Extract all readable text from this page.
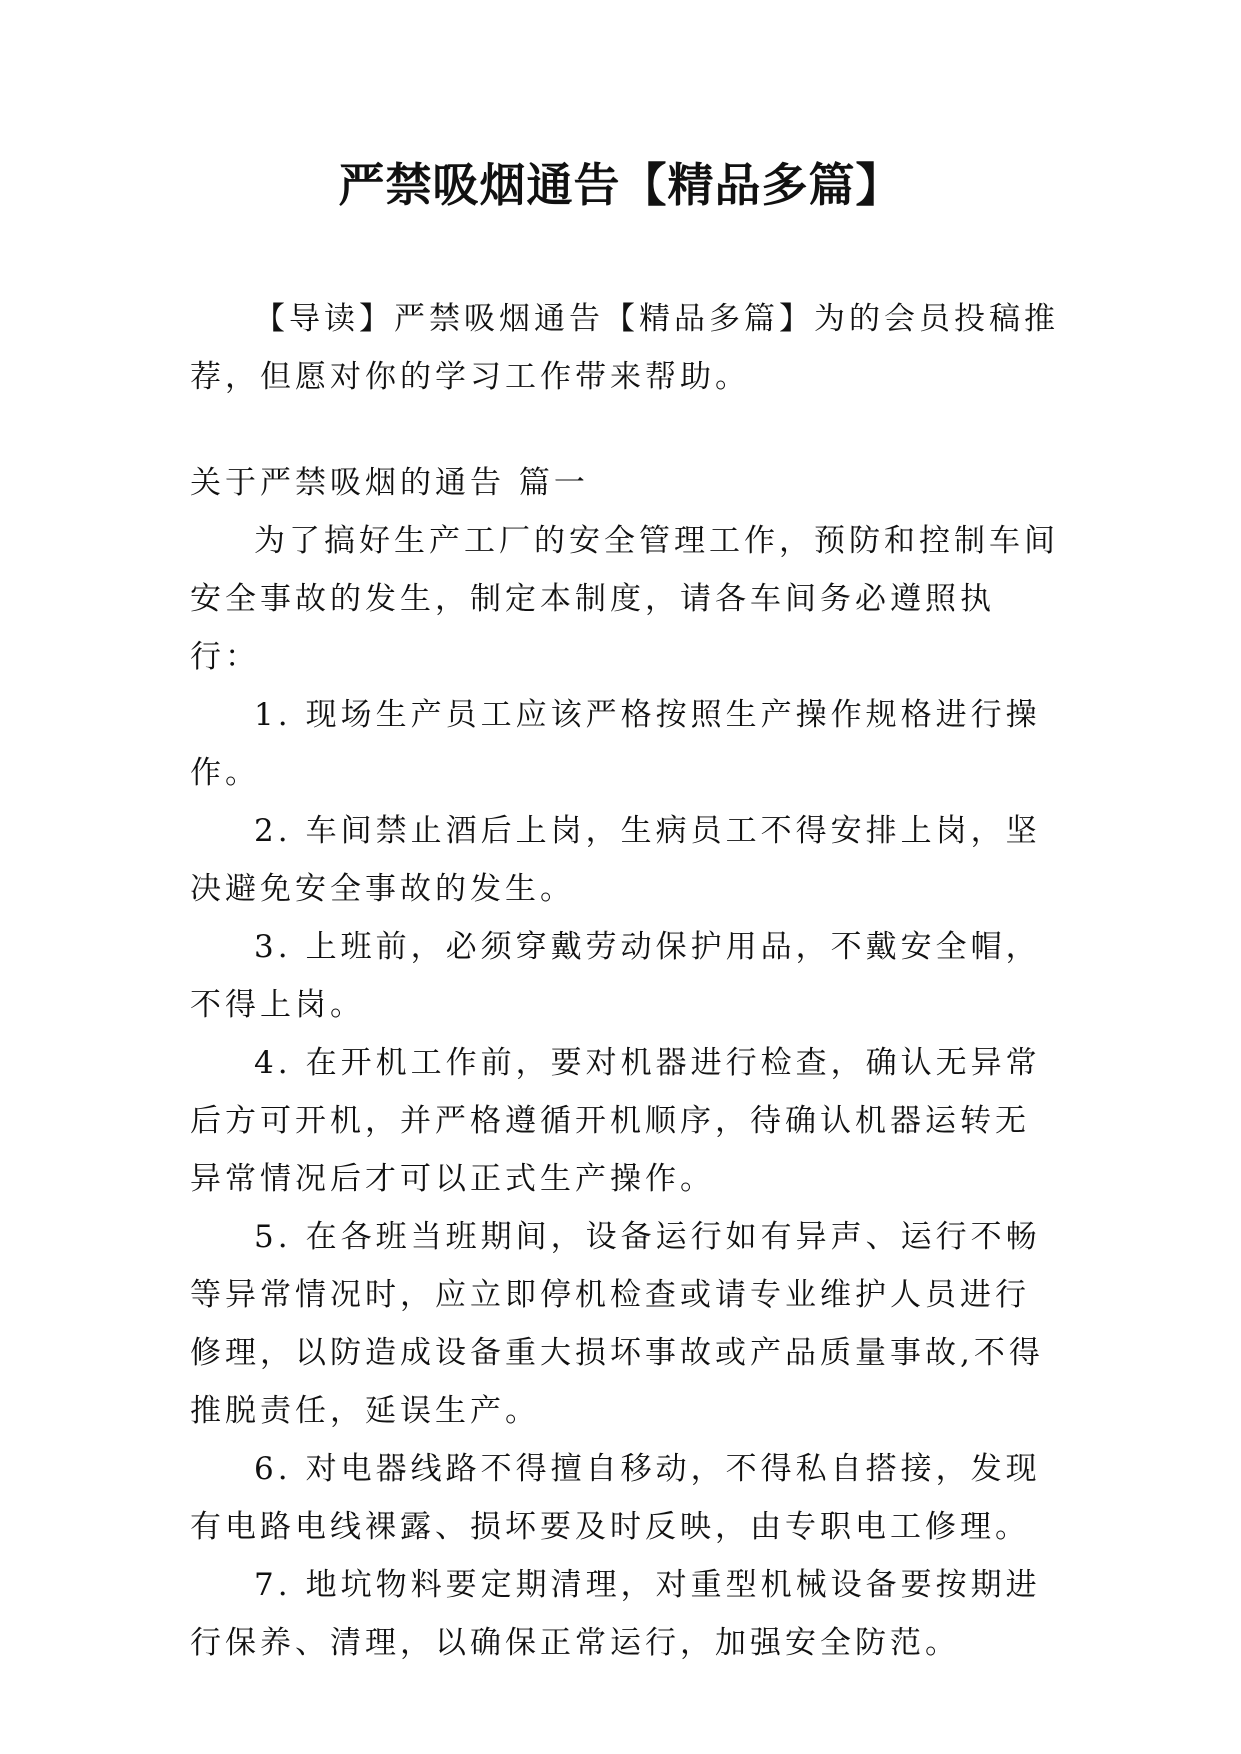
严禁吸烟通告【精品多篇】

【导读】严禁吸烟通告【精品多篇】为的会员投稿推荐，但愿对你的学习工作带来帮助。

关于严禁吸烟的通告 篇一

为了搞好生产工厂的安全管理工作，预防和控制车间安全事故的发生，制定本制度，请各车间务必遵照执行：

1. 现场生产员工应该严格按照生产操作规格进行操作。

2. 车间禁止酒后上岗，生病员工不得安排上岗，坚决避免安全事故的发生。

3. 上班前，必须穿戴劳动保护用品，不戴安全帽，不得上岗。

4. 在开机工作前，要对机器进行检查，确认无异常后方可开机，并严格遵循开机顺序，待确认机器运转无异常情况后才可以正式生产操作。

5. 在各班当班期间，设备运行如有异声、运行不畅等异常情况时，应立即停机检查或请专业维护人员进行修理，以防造成设备重大损坏事故或产品质量事故,不得推脱责任，延误生产。

6. 对电器线路不得擅自移动，不得私自搭接，发现有电路电线裸露、损坏要及时反映，由专职电工修理。

7. 地坑物料要定期清理，对重型机械设备要按期进行保养、清理，以确保正常运行，加强安全防范。
